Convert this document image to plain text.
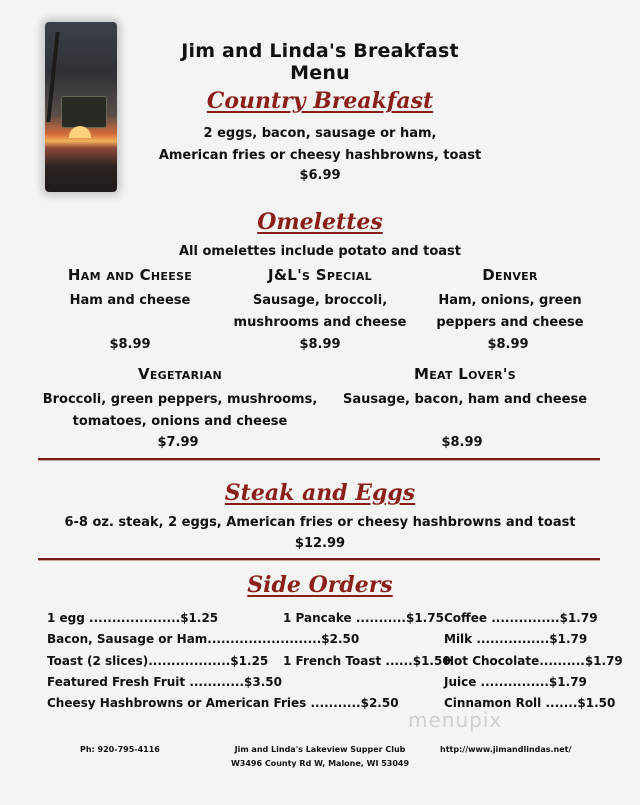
Jim and Linda's Breakfast Menu
Country Breakfast
2 eggs, bacon, sausage or ham,
American fries or cheesy hashbrowns, toast
$6.99
Omelettes
All omelettes include potato and toast
Ham and Cheese
Ham and cheese
$8.99
J&L's Special
Sausage, broccoli,
mushrooms and cheese
$8.99
Denver
Ham, onions, green
peppers and cheese
$8.99
Vegetarian
Broccoli, green peppers, mushrooms,
tomatoes, onions and cheese
$7.99
Meat Lover's
Sausage, bacon, ham and cheese
$8.99
Steak and Eggs
6-8 oz. steak, 2 eggs, American fries or cheesy hashbrowns and toast
$12.99
Side Orders
1 egg ....................$1.25
Bacon, Sausage or Ham.........................$2.50
Toast (2 slices)..................$1.25
Featured Fresh Fruit ............$3.50
Cheesy Hashbrowns or American Fries ...........$2.50
1 Pancake ...........$1.75
1 French Toast ......$1.50
Coffee ...............$1.79
Milk ................$1.79
Hot Chocolate..........$1.79
Juice ...............$1.79
Cinnamon Roll .......$1.50
menupix
Ph: 920-795-4116	Jim and Linda's Lakeview Supper Club
W3496 County Rd W, Malone, WI 53049
http://www.jimandlindas.net/
